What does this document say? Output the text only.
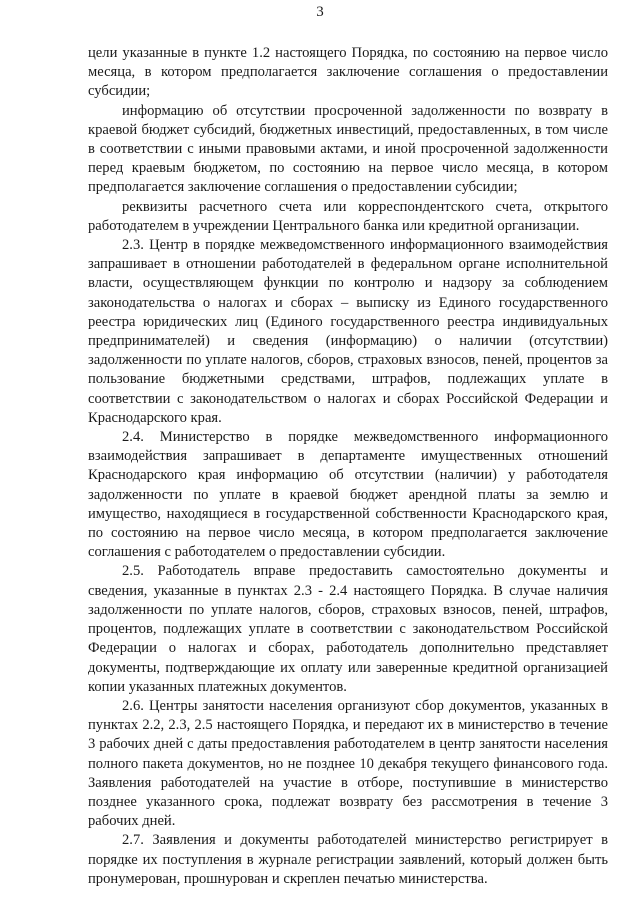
3

цели указанные в пункте 1.2 настоящего Порядка, по состоянию на первое число месяца, в котором предполагается заключение соглашения о предоставлении субсидии;

информацию об отсутствии просроченной задолженности по возврату в краевой бюджет субсидий, бюджетных инвестиций, предоставленных, в том числе в соответствии с иными правовыми актами, и иной просроченной задолженности перед краевым бюджетом, по состоянию на первое число месяца, в котором предполагается заключение соглашения о предоставлении субсидии;

реквизиты расчетного счета или корреспондентского счета, открытого работодателем в учреждении Центрального банка или кредитной организации.

2.3. Центр в порядке межведомственного информационного взаимодействия запрашивает в отношении работодателей в федеральном органе исполнительной власти, осуществляющем функции по контролю и надзору за соблюдением законодательства о налогах и сборах – выписку из Единого государственного реестра юридических лиц (Единого государственного реестра индивидуальных предпринимателей) и сведения (информацию) о наличии (отсутствии) задолженности по уплате налогов, сборов, страховых взносов, пеней, процентов за пользование бюджетными средствами, штрафов, подлежащих уплате в соответствии с законодательством о налогах и сборах Российской Федерации и Краснодарского края.

2.4. Министерство в порядке межведомственного информационного взаимодействия запрашивает в департаменте имущественных отношений Краснодарского края информацию об отсутствии (наличии) у работодателя задолженности по уплате в краевой бюджет арендной платы за землю и имущество, находящиеся в государственной собственности Краснодарского края, по состоянию на первое число месяца, в котором предполагается заключение соглашения с работодателем о предоставлении субсидии.

2.5. Работодатель вправе предоставить самостоятельно документы и сведения, указанные в пунктах 2.3 - 2.4 настоящего Порядка. В случае наличия задолженности по уплате налогов, сборов, страховых взносов, пеней, штрафов, процентов, подлежащих уплате в соответствии с законодательством Российской Федерации о налогах и сборах, работодатель дополнительно представляет документы, подтверждающие их оплату или заверенные кредитной организацией копии указанных платежных документов.

2.6. Центры занятости населения организуют сбор документов, указанных в пунктах 2.2, 2.3, 2.5 настоящего Порядка, и передают их в министерство в течение 3 рабочих дней с даты предоставления работодателем в центр занятости населения полного пакета документов, но не позднее 10 декабря текущего финансового года. Заявления работодателей на участие в отборе, поступившие в министерство позднее указанного срока, подлежат возврату без рассмотрения в течение 3 рабочих дней.

2.7. Заявления и документы работодателей министерство регистрирует в порядке их поступления в журнале регистрации заявлений, который должен быть пронумерован, прошнурован и скреплен печатью министерства.
